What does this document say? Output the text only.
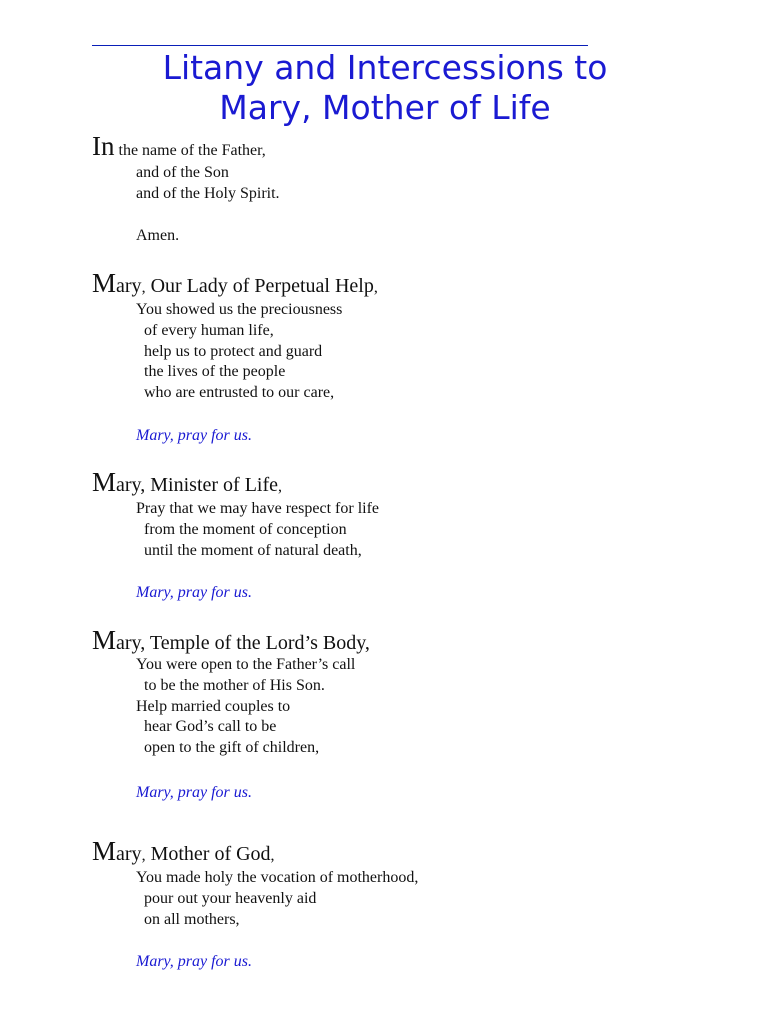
Litany and Intercessions to
Mary, Mother of Life
In the name of the Father,
and of the Son
and of the Holy Spirit.
Amen.
Mary, Our Lady of Perpetual Help,
You showed us the preciousness
of every human life,
help us to protect and guard
the lives of the people
who are entrusted to our care,
Mary, pray for us.
Mary, Minister of Life,
Pray that we may have respect for life
from the moment of conception
until the moment of natural death,
Mary, pray for us.
Mary, Temple of the Lord’s Body,
You were open to the Father’s call
to be the mother of His Son.
Help married couples to
hear God’s call to be
open to the gift of children,
Mary, pray for us.
Mary, Mother of God,
You made holy the vocation of motherhood,
pour out your heavenly aid
on all mothers,
Mary, pray for us.
